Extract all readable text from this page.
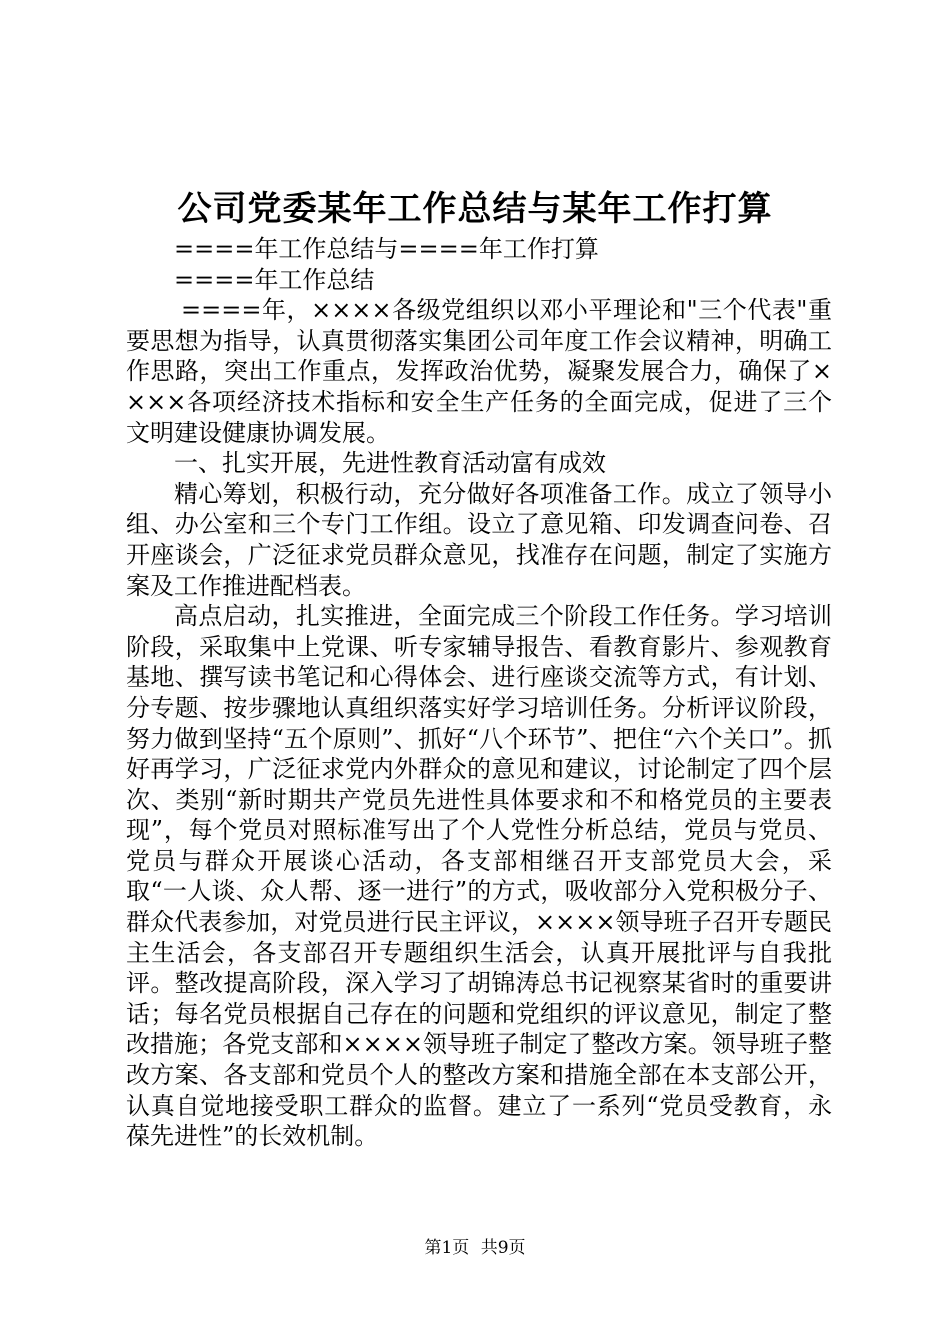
公司党委某年工作总结与某年工作打算

====年工作总结与====年工作打算

====年工作总结

====年，××××各级党组织以邓小平理论和"三个代表"重要思想为指导，认真贯彻落实集团公司年度工作会议精神，明确工作思路，突出工作重点，发挥政治优势，凝聚发展合力，确保了××××各项经济技术指标和安全生产任务的全面完成，促进了三个文明建设健康协调发展。

一、扎实开展，先进性教育活动富有成效

精心筹划，积极行动，充分做好各项准备工作。成立了领导小组、办公室和三个专门工作组。设立了意见箱、印发调查问卷、召开座谈会，广泛征求党员群众意见，找准存在问题，制定了实施方案及工作推进配档表。

高点启动，扎实推进，全面完成三个阶段工作任务。学习培训阶段，采取集中上党课、听专家辅导报告、看教育影片、参观教育基地、撰写读书笔记和心得体会、进行座谈交流等方式，有计划、分专题、按步骤地认真组织落实好学习培训任务。分析评议阶段，努力做到坚持“五个原则”、抓好“八个环节”、把住“六个关口”。抓好再学习，广泛征求党内外群众的意见和建议，讨论制定了四个层次、类别“新时期共产党员先进性具体要求和不和格党员的主要表现”，每个党员对照标准写出了个人党性分析总结，党员与党员、党员与群众开展谈心活动，各支部相继召开支部党员大会，采取“一人谈、众人帮、逐一进行”的方式，吸收部分入党积极分子、群众代表参加，对党员进行民主评议，××××领导班子召开专题民主生活会，各支部召开专题组织生活会，认真开展批评与自我批评。整改提高阶段，深入学习了胡锦涛总书记视察某省时的重要讲话；每名党员根据自己存在的问题和党组织的评议意见，制定了整改措施；各党支部和××××领导班子制定了整改方案。领导班子整改方案、各支部和党员个人的整改方案和措施全部在本支部公开，认真自觉地接受职工群众的监督。建立了一系列“党员受教育，永葆先进性”的长效机制。

第1页 共9页
